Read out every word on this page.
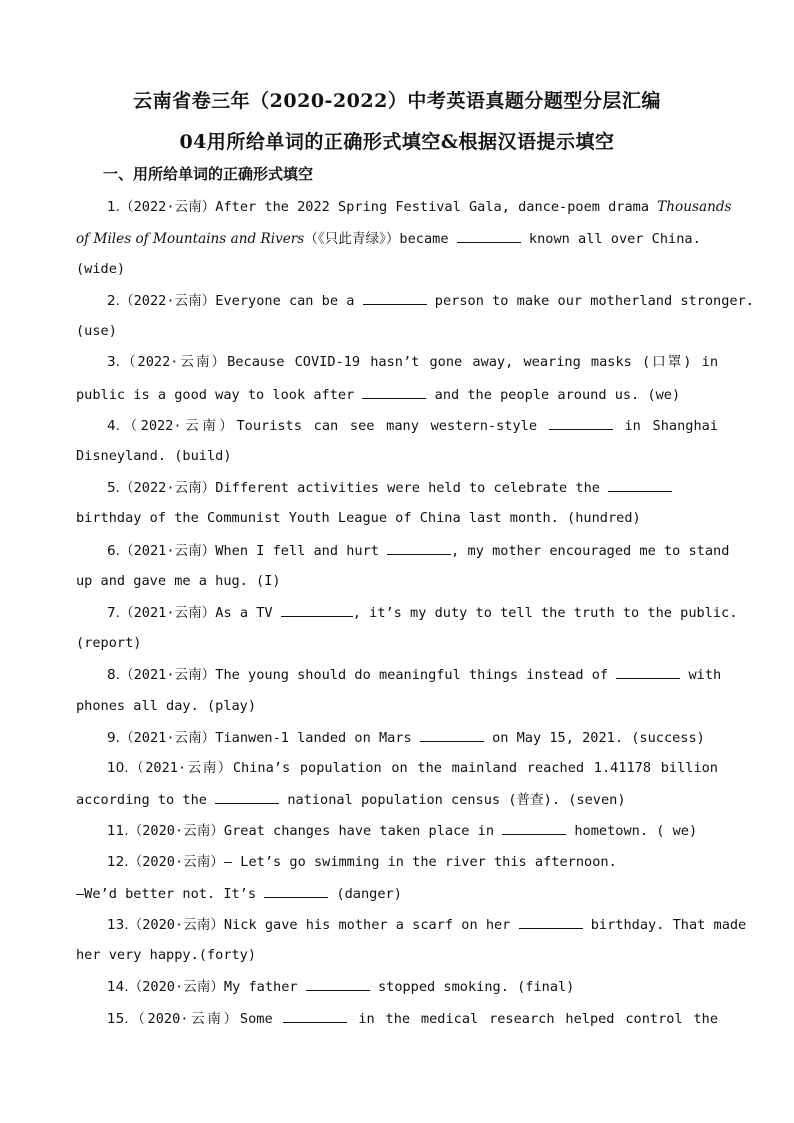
云南省卷三年（2020-2022）中考英语真题分题型分层汇编
04用所给单词的正确形式填空&根据汉语提示填空
一、用所给单词的正确形式填空
1.（2022·云南）After the 2022 Spring Festival Gala, dance-poem drama Thousands
of Miles of Mountains and Rivers（《只此青绿》）became	known all over China.
(wide)
2.（2022·云南）Everyone can be a	person to make our motherland stronger.
(use)
3.（2022·云南）Because COVID-19 hasn’t gone away, wearing masks (口罩) in
public is a good way to look after	and the people around us. (we)
4.（2022·云南）Tourists can see many western-style	in Shanghai
Disneyland. (build)
5.（2022·云南）Different activities were held to celebrate the
birthday of the Communist Youth League of China last month. (hundred)
6.（2021·云南）When I fell and hurt	, my mother encouraged me to stand
up and gave me a hug. (I)
7.（2021·云南）As a TV	, it’s my duty to tell the truth to the public.
(report)
8.（2021·云南）The young should do meaningful things instead of	with
phones all day. (play)
9.（2021·云南）Tianwen-1 landed on Mars	on May 15, 2021. (success)
10.（2021·云南）China’s population on the mainland reached 1.41178 billion
according to the	national population census (普查). (seven)
11.（2020·云南）Great changes have taken place in	hometown. ( we)
12.（2020·云南）— Let’s go swimming in the river this afternoon.
—We’d better not. It’s	(danger)
13.（2020·云南）Nick gave his mother a scarf on her	birthday. That made
her very happy.(forty)
14.（2020·云南）My father	stopped smoking. (final)
15.（2020·云南）Some	in the medical research helped control the
